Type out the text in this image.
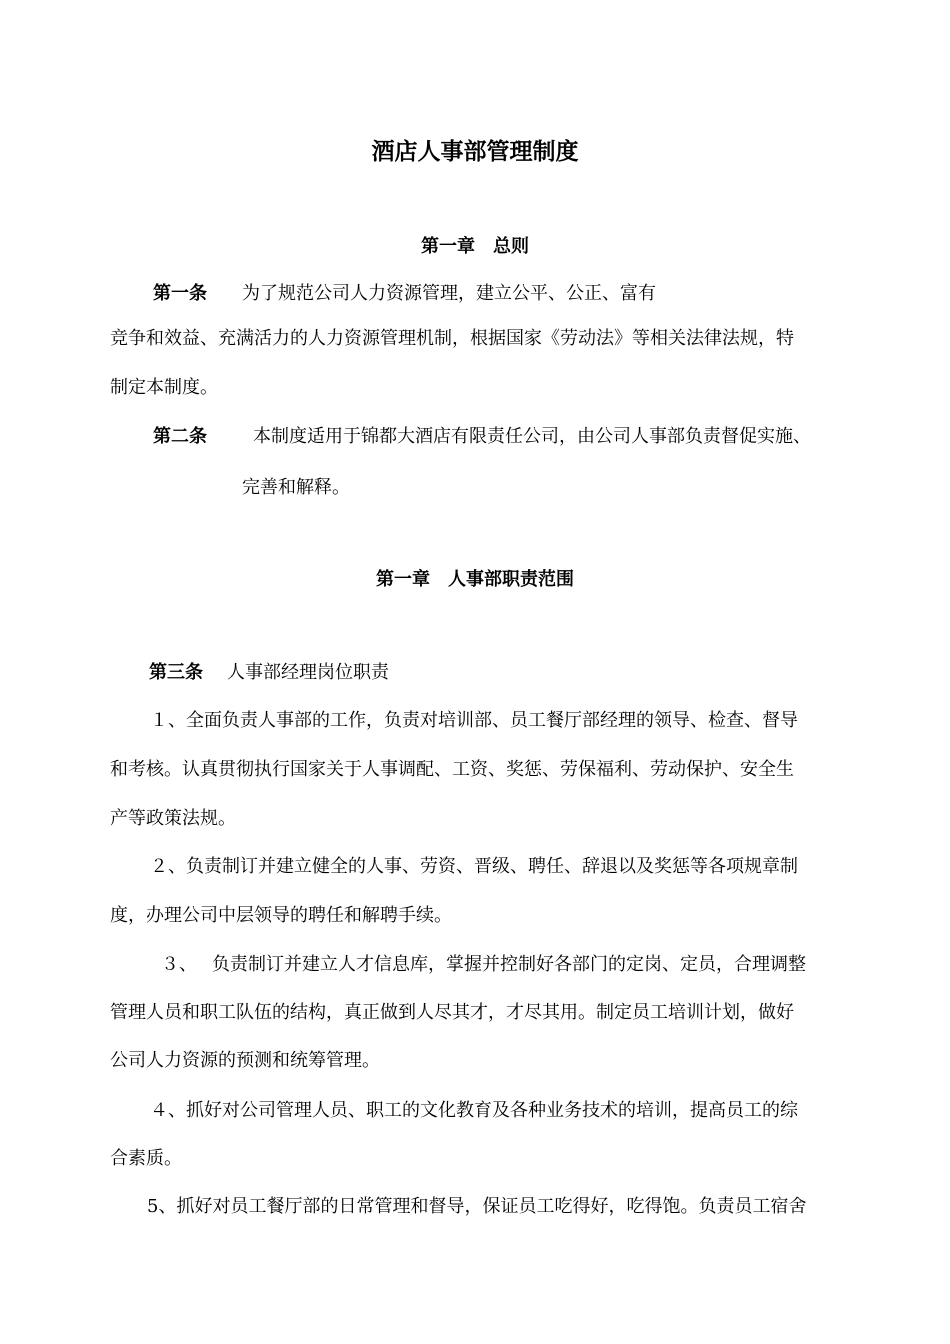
酒店人事部管理制度
第一章　总则
第一条 为了规范公司人力资源管理，建立公平、公正、富有
竞争和效益、充满活力的人力资源管理机制，根据国家《劳动法》等相关法律法规，特
制定本制度。
第二条	本制度适用于锦都大酒店有限责任公司，由公司人事部负责督促实施、
完善和解释。
第一章　人事部职责范围
第三条 人事部经理岗位职责
１、全面负责人事部的工作，负责对培训部、员工餐厅部经理的领导、检查、督导
和考核。认真贯彻执行国家关于人事调配、工资、奖惩、劳保福利、劳动保护、安全生
产等政策法规。
２、负责制订并建立健全的人事、劳资、晋级、聘任、辞退以及奖惩等各项规章制
度，办理公司中层领导的聘任和解聘手续。
３、 负责制订并建立人才信息库，掌握并控制好各部门的定岗、定员，合理调整
管理人员和职工队伍的结构，真正做到人尽其才，才尽其用。制定员工培训计划，做好
公司人力资源的预测和统筹管理。
４、抓好对公司管理人员、职工的文化教育及各种业务技术的培训，提高员工的综
合素质。
5、抓好对员工餐厅部的日常管理和督导，保证员工吃得好，吃得饱。负责员工宿舍
